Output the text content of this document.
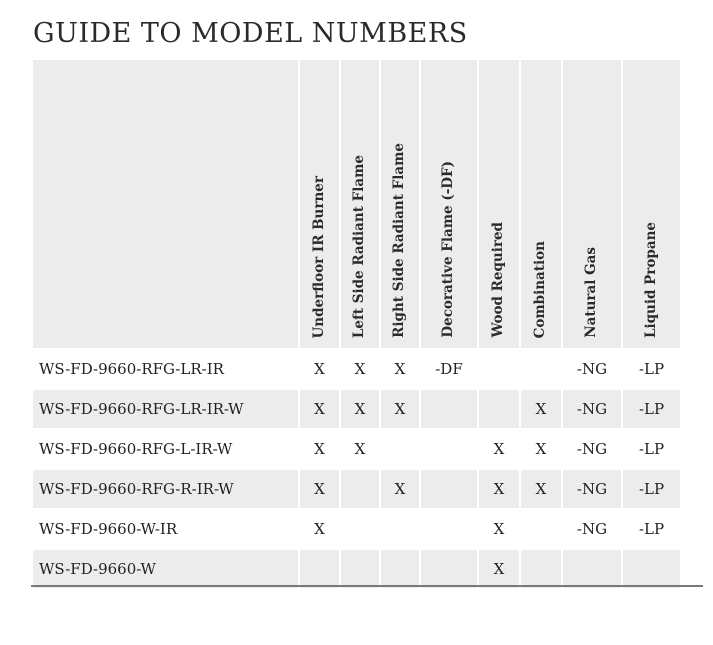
GUIDE TO MODEL NUMBERS

	Underfloor IR Burner	Left Side Radiant Flame	Right Side Radiant Flame	Decorative Flame (-DF)	Wood Required	Combination	Natural Gas	Liquid Propane

WS-FD-9660-RFG-LR-IR	X	X	X	-DF			-NG	-LP
WS-FD-9660-RFG-LR-IR-W	X	X	X			X	-NG	-LP
WS-FD-9660-RFG-L-IR-W	X	X			X	X	-NG	-LP
WS-FD-9660-RFG-R-IR-W	X		X		X	X	-NG	-LP
WS-FD-9660-W-IR	X				X		-NG	-LP
WS-FD-9660-W					X			
